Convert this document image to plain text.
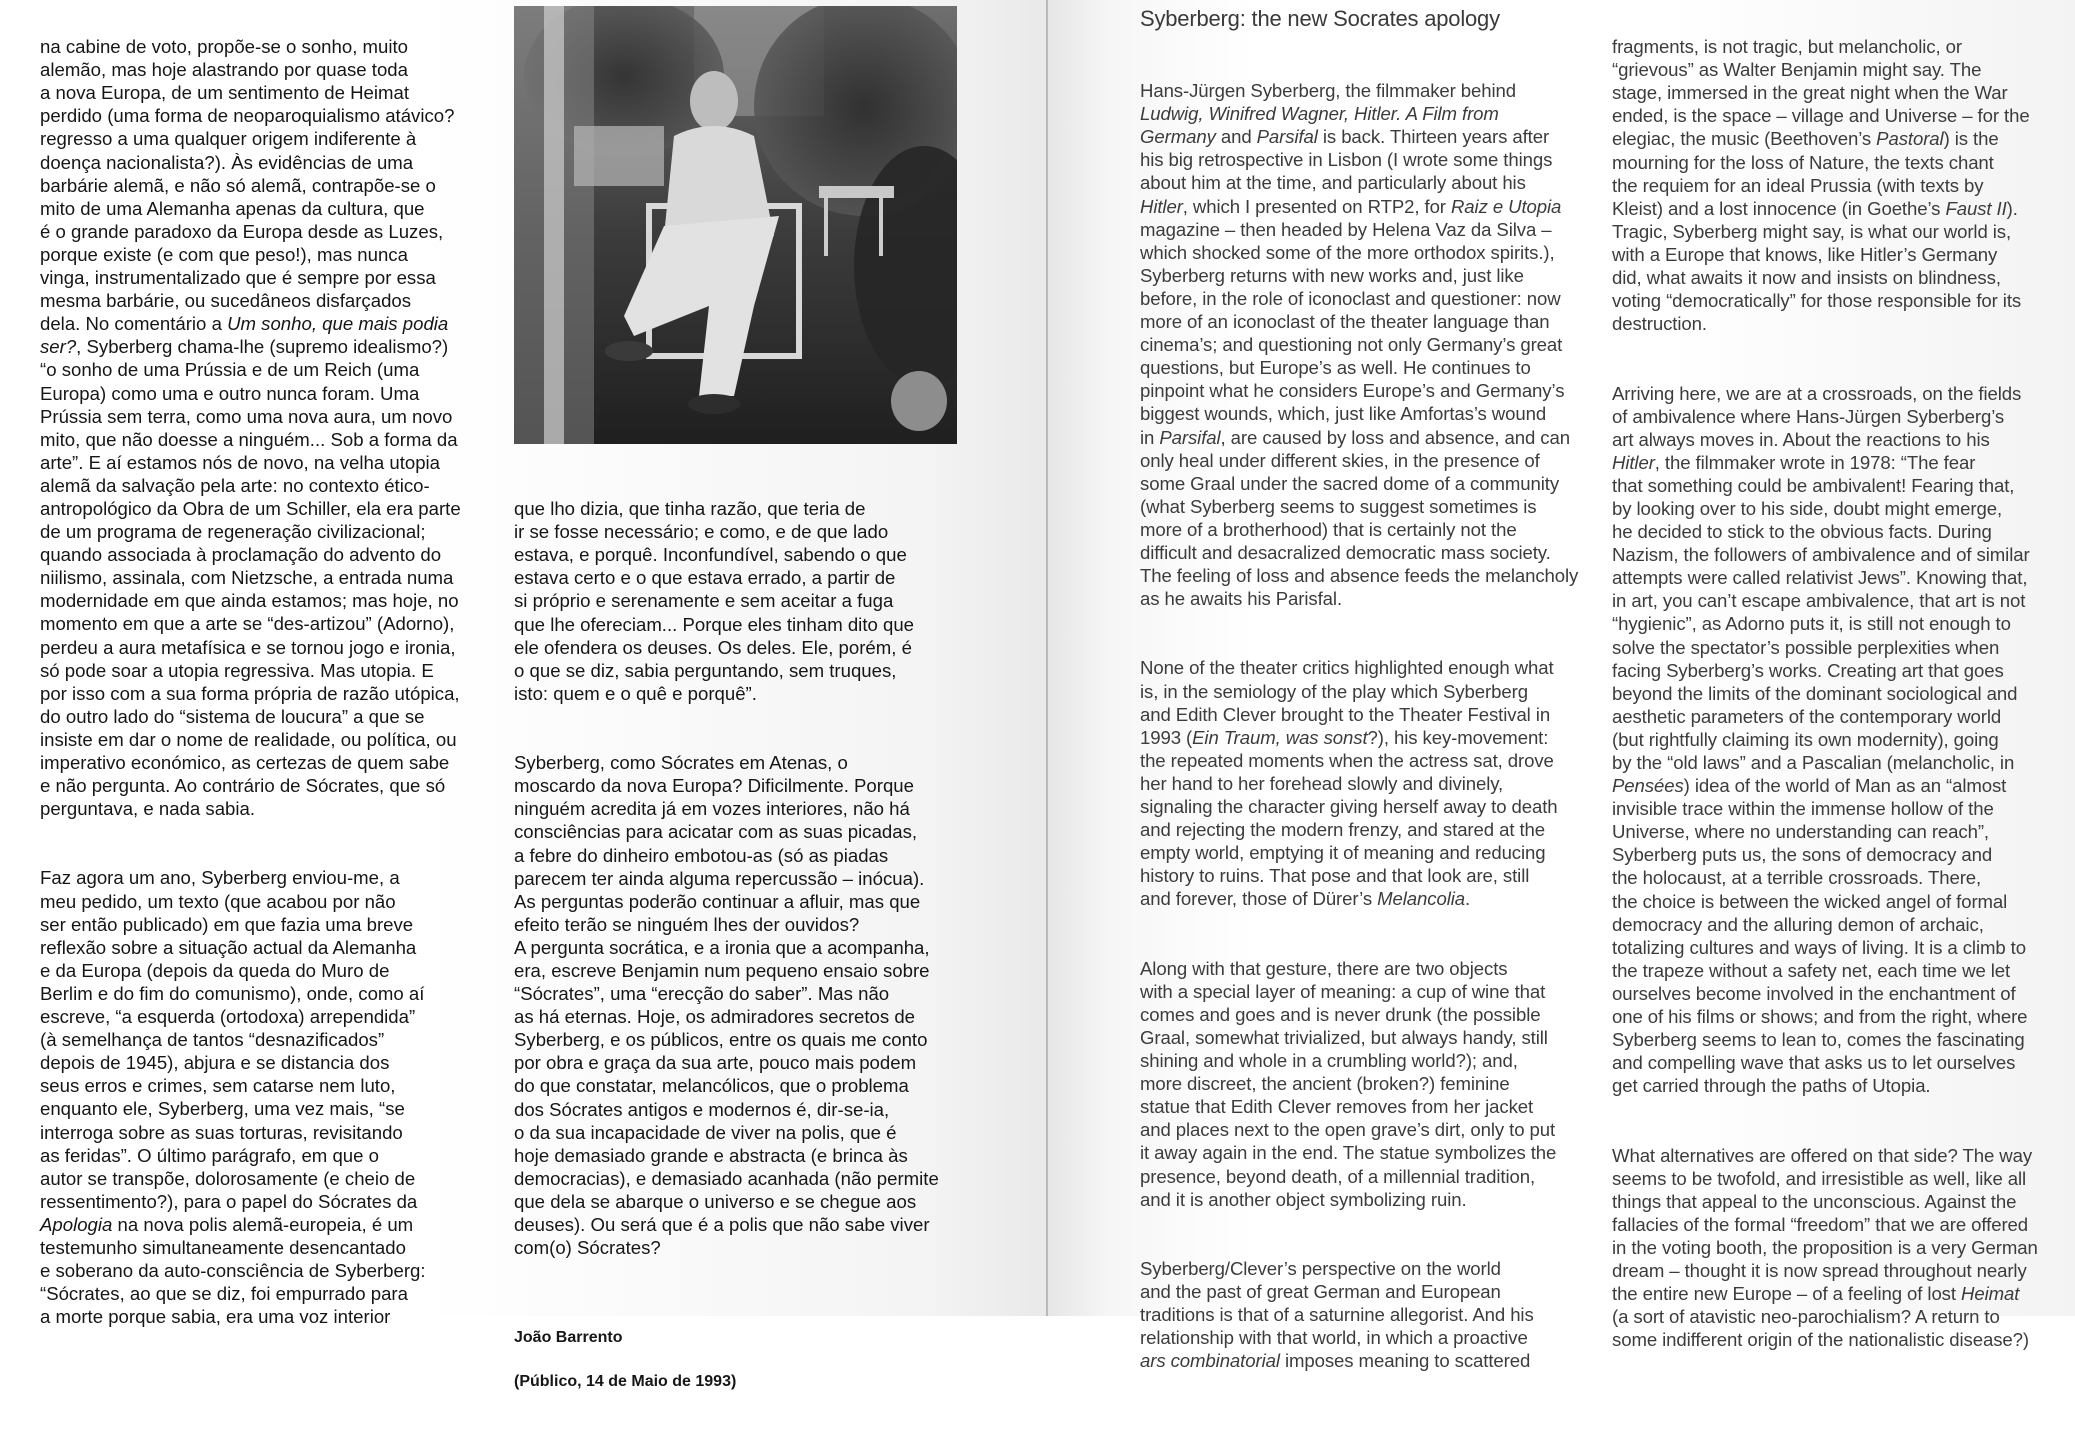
na cabine de voto, propõe-se o sonho, muito
alemão, mas hoje alastrando por quase toda
a nova Europa, de um sentimento de Heimat
perdido (uma forma de neoparoquialismo atávico?
regresso a uma qualquer origem indiferente à
doença nacionalista?). Às evidências de uma
barbárie alemã, e não só alemã, contrapõe-se o
mito de uma Alemanha apenas da cultura, que
é o grande paradoxo da Europa desde as Luzes,
porque existe (e com que peso!), mas nunca
vinga, instrumentalizado que é sempre por essa
mesma barbárie, ou sucedâneos disfarçados
dela. No comentário a Um sonho, que mais podia
ser?, Syberberg chama-lhe (supremo idealismo?)
“o sonho de uma Prússia e de um Reich (uma
Europa) como uma e outro nunca foram. Uma
Prússia sem terra, como uma nova aura, um novo
mito, que não doesse a ninguém... Sob a forma da
arte”. E aí estamos nós de novo, na velha utopia
alemã da salvação pela arte: no contexto ético-
antropológico da Obra de um Schiller, ela era parte
de um programa de regeneração civilizacional;
quando associada à proclamação do advento do
niilismo, assinala, com Nietzsche, a entrada numa
modernidade em que ainda estamos; mas hoje, no
momento em que a arte se “des-artizou” (Adorno),
perdeu a aura metafísica e se tornou jogo e ironia,
só pode soar a utopia regressiva. Mas utopia. E
por isso com a sua forma própria de razão utópica,
do outro lado do “sistema de loucura” a que se
insiste em dar o nome de realidade, ou política, ou
imperativo económico, as certezas de quem sabe
e não pergunta. Ao contrário de Sócrates, que só
perguntava, e nada sabia.

Faz agora um ano, Syberberg enviou-me, a
meu pedido, um texto (que acabou por não
ser então publicado) em que fazia uma breve
reflexão sobre a situação actual da Alemanha
e da Europa (depois da queda do Muro de
Berlim e do fim do comunismo), onde, como aí
escreve, “a esquerda (ortodoxa) arrependida”
(à semelhança de tantos “desnazificados”
depois de 1945), abjura e se distancia dos
seus erros e crimes, sem catarse nem luto,
enquanto ele, Syberberg, uma vez mais, “se
interroga sobre as suas torturas, revisitando
as feridas”. O último parágrafo, em que o
autor se transpõe, dolorosamente (e cheio de
ressentimento?), para o papel do Sócrates da
Apologia na nova polis alemã-europeia, é um
testemunho simultaneamente desencantado
e soberano da auto-consciência de Syberberg:
“Sócrates, ao que se diz, foi empurrado para
a morte porque sabia, era uma voz interior

que lho dizia, que tinha razão, que teria de
ir se fosse necessário; e como, e de que lado
estava, e porquê. Inconfundível, sabendo o que
estava certo e o que estava errado, a partir de
si próprio e serenamente e sem aceitar a fuga
que lhe ofereciam... Porque eles tinham dito que
ele ofendera os deuses. Os deles. Ele, porém, é
o que se diz, sabia perguntando, sem truques,
isto: quem e o quê e porquê”.

Syberberg, como Sócrates em Atenas, o
moscardo da nova Europa? Dificilmente. Porque
ninguém acredita já em vozes interiores, não há
consciências para acicatar com as suas picadas,
a febre do dinheiro embotou-as (só as piadas
parecem ter ainda alguma repercussão – inócua).
As perguntas poderão continuar a afluir, mas que
efeito terão se ninguém lhes der ouvidos?
A pergunta socrática, e a ironia que a acompanha,
era, escreve Benjamin num pequeno ensaio sobre
“Sócrates”, uma “erecção do saber”. Mas não
as há eternas. Hoje, os admiradores secretos de
Syberberg, e os públicos, entre os quais me conto
por obra e graça da sua arte, pouco mais podem
do que constatar, melancólicos, que o problema
dos Sócrates antigos e modernos é, dir-se-ia,
o da sua incapacidade de viver na polis, que é
hoje demasiado grande e abstracta (e brinca às
democracias), e demasiado acanhada (não permite
que dela se abarque o universo e se chegue aos
deuses). Ou será que é a polis que não sabe viver
com(o) Sócrates?

João Barrento

(Público, 14 de Maio de 1993)

Syberberg: the new Socrates apology

Hans-Jürgen Syberberg, the filmmaker behind
Ludwig, Winifred Wagner, Hitler. A Film from
Germany and Parsifal is back. Thirteen years after
his big retrospective in Lisbon (I wrote some things
about him at the time, and particularly about his
Hitler, which I presented on RTP2, for Raiz e Utopia
magazine – then headed by Helena Vaz da Silva –
which shocked some of the more orthodox spirits.),
Syberberg returns with new works and, just like
before, in the role of iconoclast and questioner: now
more of an iconoclast of the theater language than
cinema’s; and questioning not only Germany’s great
questions, but Europe’s as well. He continues to
pinpoint what he considers Europe’s and Germany’s
biggest wounds, which, just like Amfortas’s wound
in Parsifal, are caused by loss and absence, and can
only heal under different skies, in the presence of
some Graal under the sacred dome of a community
(what Syberberg seems to suggest sometimes is
more of a brotherhood) that is certainly not the
difficult and desacralized democratic mass society.
The feeling of loss and absence feeds the melancholy
as he awaits his Parisfal.

None of the theater critics highlighted enough what
is, in the semiology of the play which Syberberg
and Edith Clever brought to the Theater Festival in
1993 (Ein Traum, was sonst?), his key-movement:
the repeated moments when the actress sat, drove
her hand to her forehead slowly and divinely,
signaling the character giving herself away to death
and rejecting the modern frenzy, and stared at the
empty world, emptying it of meaning and reducing
history to ruins. That pose and that look are, still
and forever, those of Dürer’s Melancolia.

Along with that gesture, there are two objects
with a special layer of meaning: a cup of wine that
comes and goes and is never drunk (the possible
Graal, somewhat trivialized, but always handy, still
shining and whole in a crumbling world?); and,
more discreet, the ancient (broken?) feminine
statue that Edith Clever removes from her jacket
and places next to the open grave’s dirt, only to put
it away again in the end. The statue symbolizes the
presence, beyond death, of a millennial tradition,
and it is another object symbolizing ruin.

Syberberg/Clever’s perspective on the world
and the past of great German and European
traditions is that of a saturnine allegorist. And his
relationship with that world, in which a proactive
ars combinatorial imposes meaning to scattered

fragments, is not tragic, but melancholic, or
“grievous” as Walter Benjamin might say. The
stage, immersed in the great night when the War
ended, is the space – village and Universe – for the
elegiac, the music (Beethoven’s Pastoral) is the
mourning for the loss of Nature, the texts chant
the requiem for an ideal Prussia (with texts by
Kleist) and a lost innocence (in Goethe’s Faust II).
Tragic, Syberberg might say, is what our world is,
with a Europe that knows, like Hitler’s Germany
did, what awaits it now and insists on blindness,
voting “democratically” for those responsible for its
destruction.

Arriving here, we are at a crossroads, on the fields
of ambivalence where Hans-Jürgen Syberberg’s
art always moves in. About the reactions to his
Hitler, the filmmaker wrote in 1978: “The fear
that something could be ambivalent! Fearing that,
by looking over to his side, doubt might emerge,
he decided to stick to the obvious facts. During
Nazism, the followers of ambivalence and of similar
attempts were called relativist Jews”. Knowing that,
in art, you can’t escape ambivalence, that art is not
“hygienic”, as Adorno puts it, is still not enough to
solve the spectator’s possible perplexities when
facing Syberberg’s works. Creating art that goes
beyond the limits of the dominant sociological and
aesthetic parameters of the contemporary world
(but rightfully claiming its own modernity), going
by the “old laws” and a Pascalian (melancholic, in
Pensées) idea of the world of Man as an “almost
invisible trace within the immense hollow of the
Universe, where no understanding can reach”,
Syberberg puts us, the sons of democracy and
the holocaust, at a terrible crossroads. There,
the choice is between the wicked angel of formal
democracy and the alluring demon of archaic,
totalizing cultures and ways of living. It is a climb to
the trapeze without a safety net, each time we let
ourselves become involved in the enchantment of
one of his films or shows; and from the right, where
Syberberg seems to lean to, comes the fascinating
and compelling wave that asks us to let ourselves
get carried through the paths of Utopia.

What alternatives are offered on that side? The way
seems to be twofold, and irresistible as well, like all
things that appeal to the unconscious. Against the
fallacies of the formal “freedom” that we are offered
in the voting booth, the proposition is a very German
dream – thought it is now spread throughout nearly
the entire new Europe – of a feeling of lost Heimat
(a sort of atavistic neo-parochialism? A return to
some indifferent origin of the nationalistic disease?)
